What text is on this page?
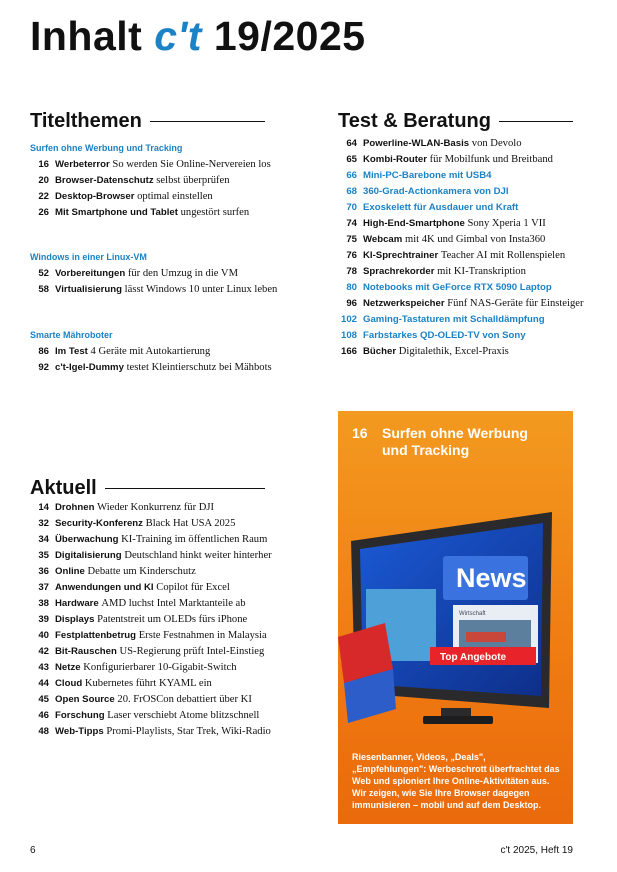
Inhalt c't 19/2025
Titelthemen	Test & Beratung
Aktuell
Surfen ohne Werbung und Tracking
16 Werbeterror So werden Sie Online-Nervereien los
20 Browser-Datenschutz selbst überprüfen
22 Desktop-Browser optimal einstellen
26 Mit Smartphone und Tablet ungestört surfen
Windows in einer Linux-VM
52 Vorbereitungen für den Umzug in die VM
58 Virtualisierung lässt Windows 10 unter Linux leben
Smarte Mähroboter
86 Im Test 4 Geräte mit Autokartierung
92 c't-Igel-Dummy testet Kleintierschutz bei Mähbots
14 Drohnen Wieder Konkurrenz für DJI
32 Security-Konferenz Black Hat USA 2025
34 Überwachung KI-Training im öffentlichen Raum
35 Digitalisierung Deutschland hinkt weiter hinterher
36 Online Debatte um Kinderschutz
37 Anwendungen und KI Copilot für Excel
38 Hardware AMD luchst Intel Marktanteile ab
39 Displays Patentstreit um OLEDs fürs iPhone
40 Festplattenbetrug Erste Festnahmen in Malaysia
42 Bit-Rauschen US-Regierung prüft Intel-Einstieg
43 Netze Konfigurierbarer 10-Gigabit-Switch
44 Cloud Kubernetes führt KYAML ein
45 Open Source 20. FrOSCon debattiert über KI
46 Forschung Laser verschiebt Atome blitzschnell
48 Web-Tipps Promi-Playlists, Star Trek, Wiki-Radio
64 Powerline-WLAN-Basis von Devolo
65 Kombi-Router für Mobilfunk und Breitband
66 Mini-PC-Barebone mit USB4
68 360-Grad-Actionkamera von DJI
70 Exoskelett für Ausdauer und Kraft
74 High-End-Smartphone Sony Xperia 1 VII
75 Webcam mit 4K und Gimbal von Insta360
76 KI-Sprechtrainer Teacher AI mit Rollenspielen
78 Sprachrekorder mit KI-Transkription
80 Notebooks mit GeForce RTX 5090 Laptop
96 Netzwerkspeicher Fünf NAS-Geräte für Einsteiger
102 Gaming-Tastaturen mit Schalldämpfung
108 Farbstarkes QD-OLED-TV von Sony
166 Bücher Digitalethik, Excel-Praxis
16	Surfen ohne Werbung und Tracking
News
Wirtschaft
Top Angebote
Riesenbanner, Videos, „Deals", „Empfehlungen": Werbeschrott überfrachtet das Web und spioniert Ihre Online-Aktivitäten aus. Wir zeigen, wie Sie Ihre Browser dagegen immunisieren – mobil und auf dem Desktop.
6	c't 2025, Heft 19
